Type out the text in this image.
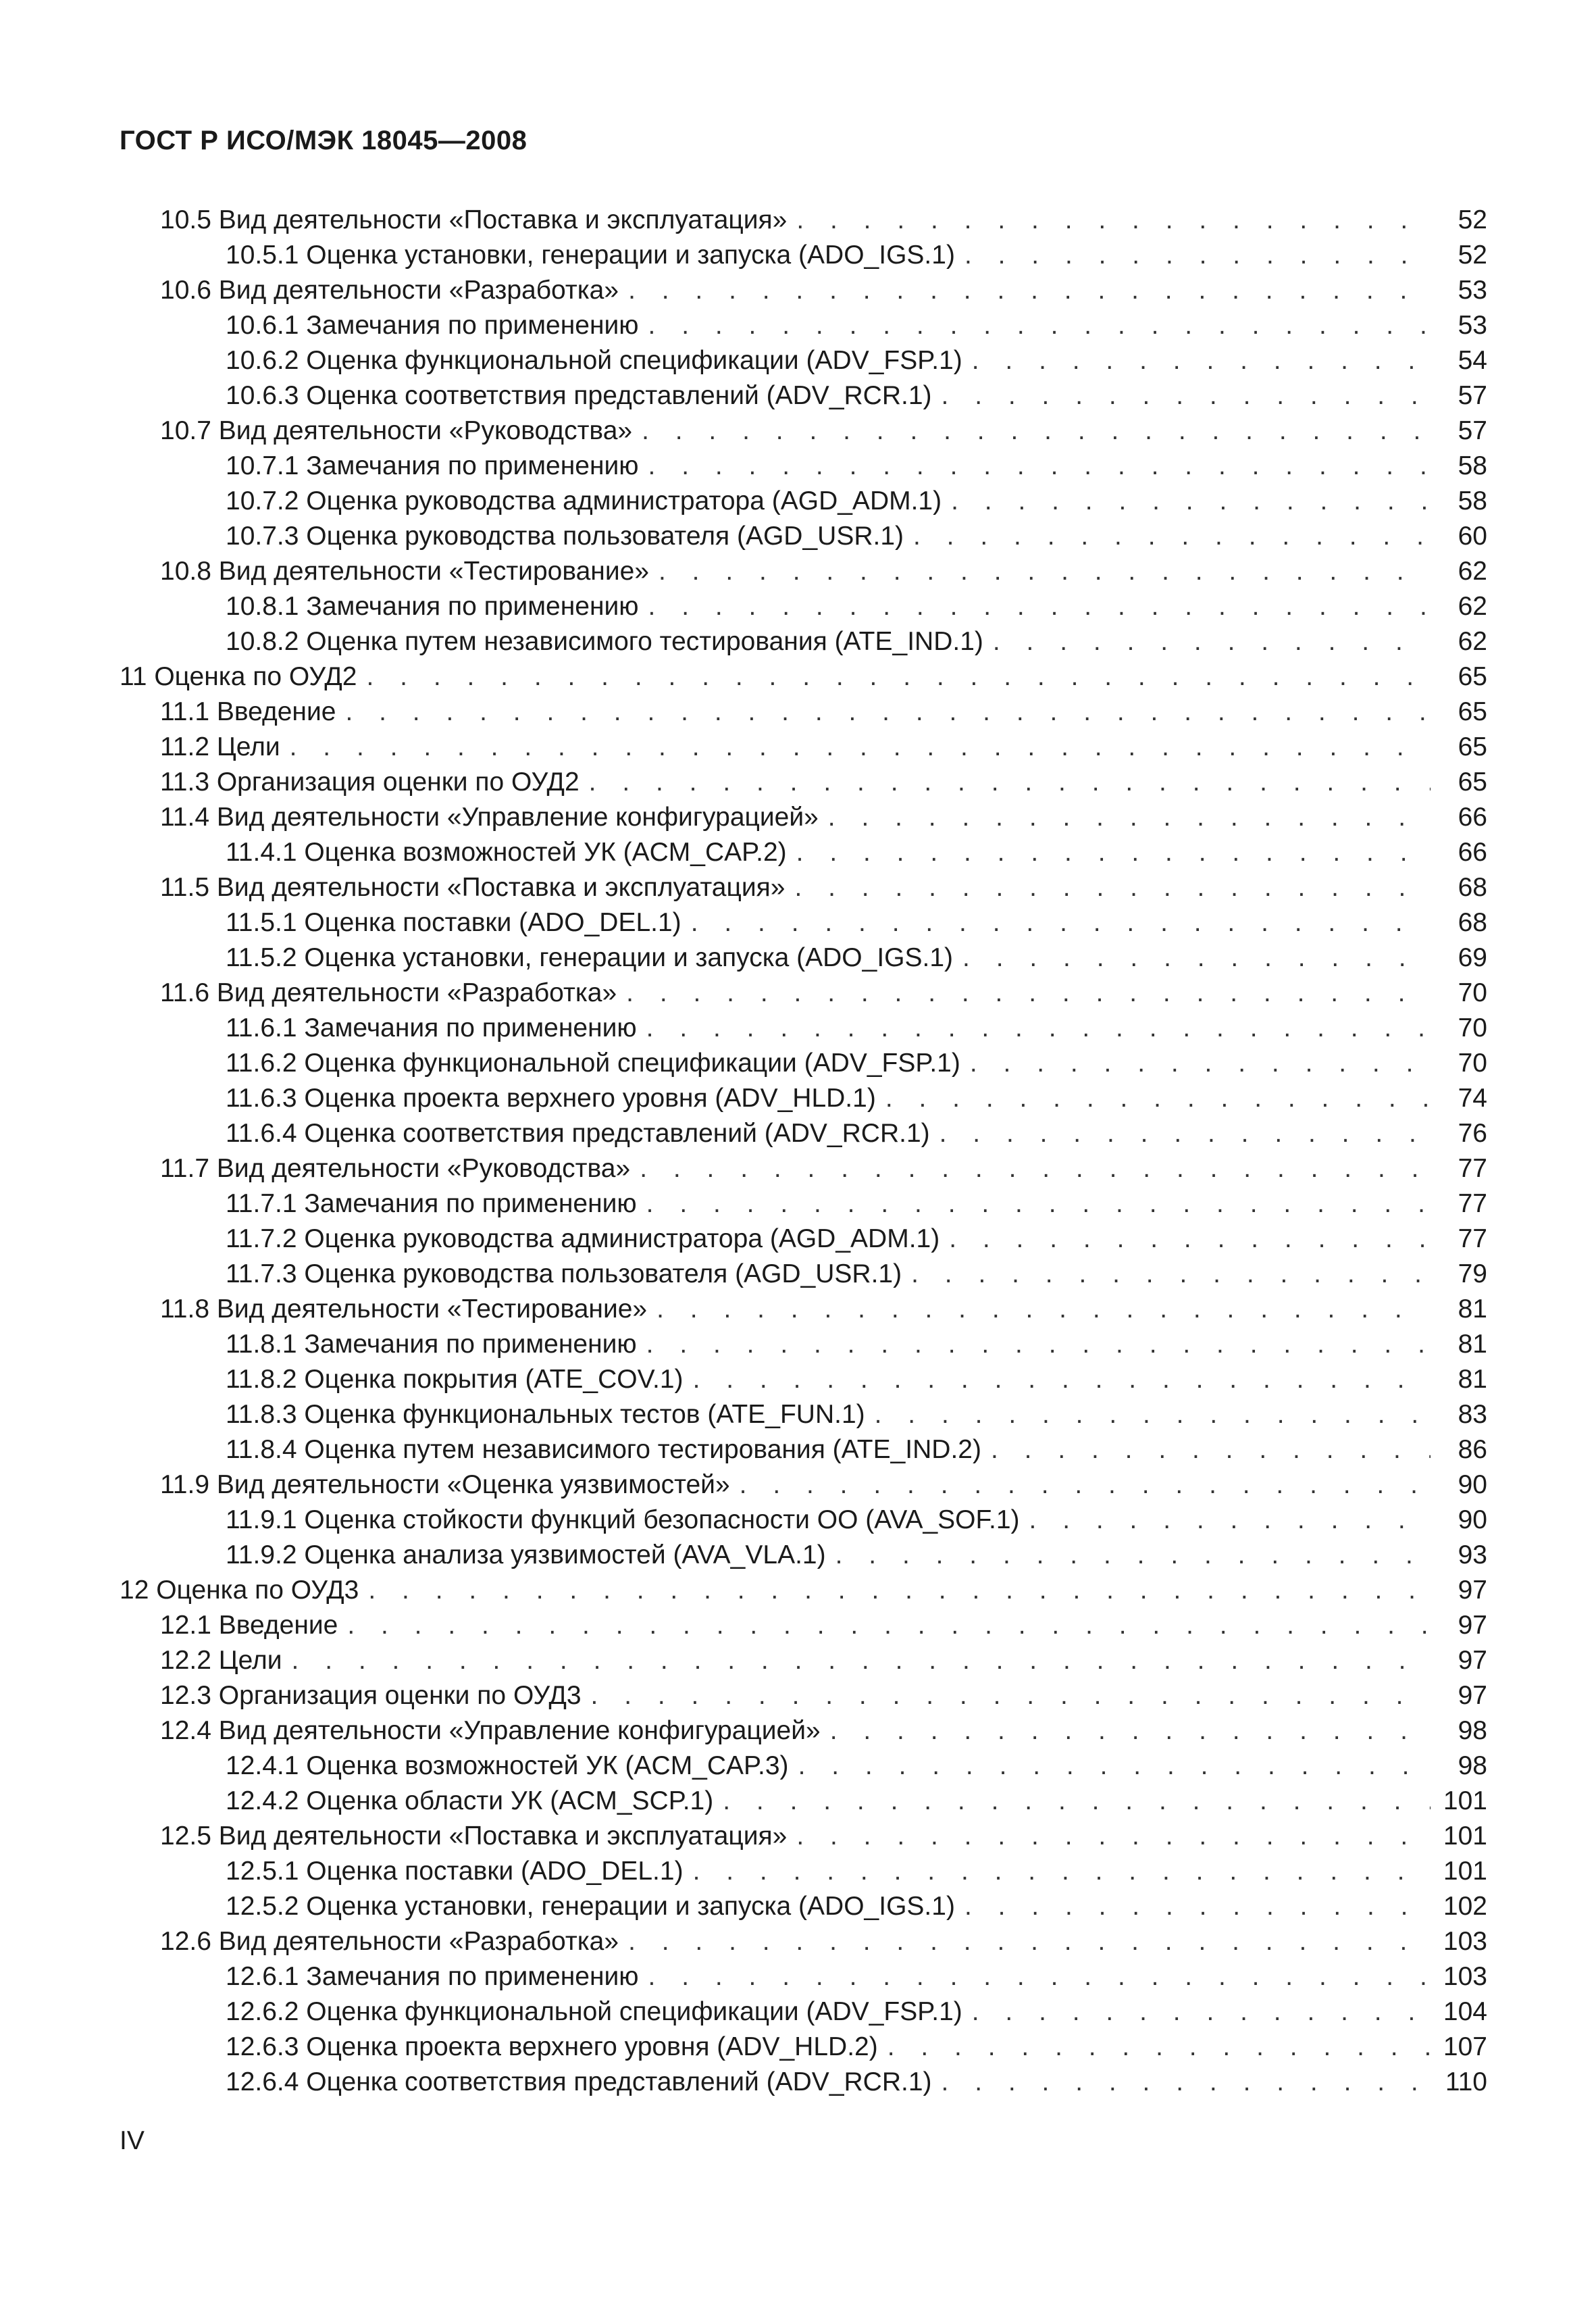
ГОСТ Р ИСО/МЭК 18045—2008
10.5 Вид деятельности «Поставка и эксплуатация» . . .	52
10.5.1 Оценка установки, генерации и запуска (ADO_IGS.1) . . .	52
10.6 Вид деятельности «Разработка» . . .	53
10.6.1 Замечания по применению . . .	53
10.6.2 Оценка функциональной спецификации (ADV_FSP.1) . . .	54
10.6.3 Оценка соответствия представлений (ADV_RCR.1) . . .	57
10.7 Вид деятельности «Руководства» . . .	57
10.7.1 Замечания по применению . . .	58
10.7.2 Оценка руководства администратора (AGD_ADM.1) . . .	58
10.7.3 Оценка руководства пользователя (AGD_USR.1) . . .	60
10.8 Вид деятельности «Тестирование» . . .	62
10.8.1 Замечания по применению . . .	62
10.8.2 Оценка путем независимого тестирования (ATE_IND.1) . . .	62
11 Оценка по ОУД2 . . .	65
11.1 Введение . . .	65
11.2 Цели . . .	65
11.3 Организация оценки по ОУД2 . . .	65
11.4 Вид деятельности «Управление конфигурацией» . . .	66
11.4.1 Оценка возможностей УК (ACM_CAP.2) . . .	66
11.5 Вид деятельности «Поставка и эксплуатация» . . .	68
11.5.1 Оценка поставки (ADO_DEL.1) . . .	68
11.5.2 Оценка установки, генерации и запуска (ADO_IGS.1) . . .	69
11.6 Вид деятельности «Разработка» . . .	70
11.6.1 Замечания по применению . . .	70
11.6.2 Оценка функциональной спецификации (ADV_FSP.1) . . .	70
11.6.3 Оценка проекта верхнего уровня (ADV_HLD.1) . . .	74
11.6.4 Оценка соответствия представлений (ADV_RCR.1) . . .	76
11.7 Вид деятельности «Руководства» . . .	77
11.7.1 Замечания по применению . . .	77
11.7.2 Оценка руководства администратора (AGD_ADM.1) . . .	77
11.7.3 Оценка руководства пользователя (AGD_USR.1) . . .	79
11.8 Вид деятельности «Тестирование» . . .	81
11.8.1 Замечания по применению . . .	81
11.8.2 Оценка покрытия (ATE_COV.1) . . .	81
11.8.3 Оценка функциональных тестов (ATE_FUN.1) . . .	83
11.8.4 Оценка путем независимого тестирования (ATE_IND.2) . . .	86
11.9 Вид деятельности «Оценка уязвимостей» . . .	90
11.9.1 Оценка стойкости функций безопасности ОО (AVA_SOF.1) . . .	90
11.9.2 Оценка анализа уязвимостей (AVA_VLA.1) . . .	93
12 Оценка по ОУД3 . . .	97
12.1 Введение . . .	97
12.2 Цели . . .	97
12.3 Организация оценки по ОУД3 . . .	97
12.4 Вид деятельности «Управление конфигурацией» . . .	98
12.4.1 Оценка возможностей УК (ACM_CAP.3) . . .	98
12.4.2 Оценка области УК (ACM_SCP.1) . . .	101
12.5 Вид деятельности «Поставка и эксплуатация» . . .	101
12.5.1 Оценка поставки (ADO_DEL.1) . . .	101
12.5.2 Оценка установки, генерации и запуска (ADO_IGS.1) . . .	102
12.6 Вид деятельности «Разработка» . . .	103
12.6.1 Замечания по применению . . .	103
12.6.2 Оценка функциональной спецификации (ADV_FSP.1) . . .	104
12.6.3 Оценка проекта верхнего уровня (ADV_HLD.2) . . .	107
12.6.4 Оценка соответствия представлений (ADV_RCR.1) . . .	110
IV
